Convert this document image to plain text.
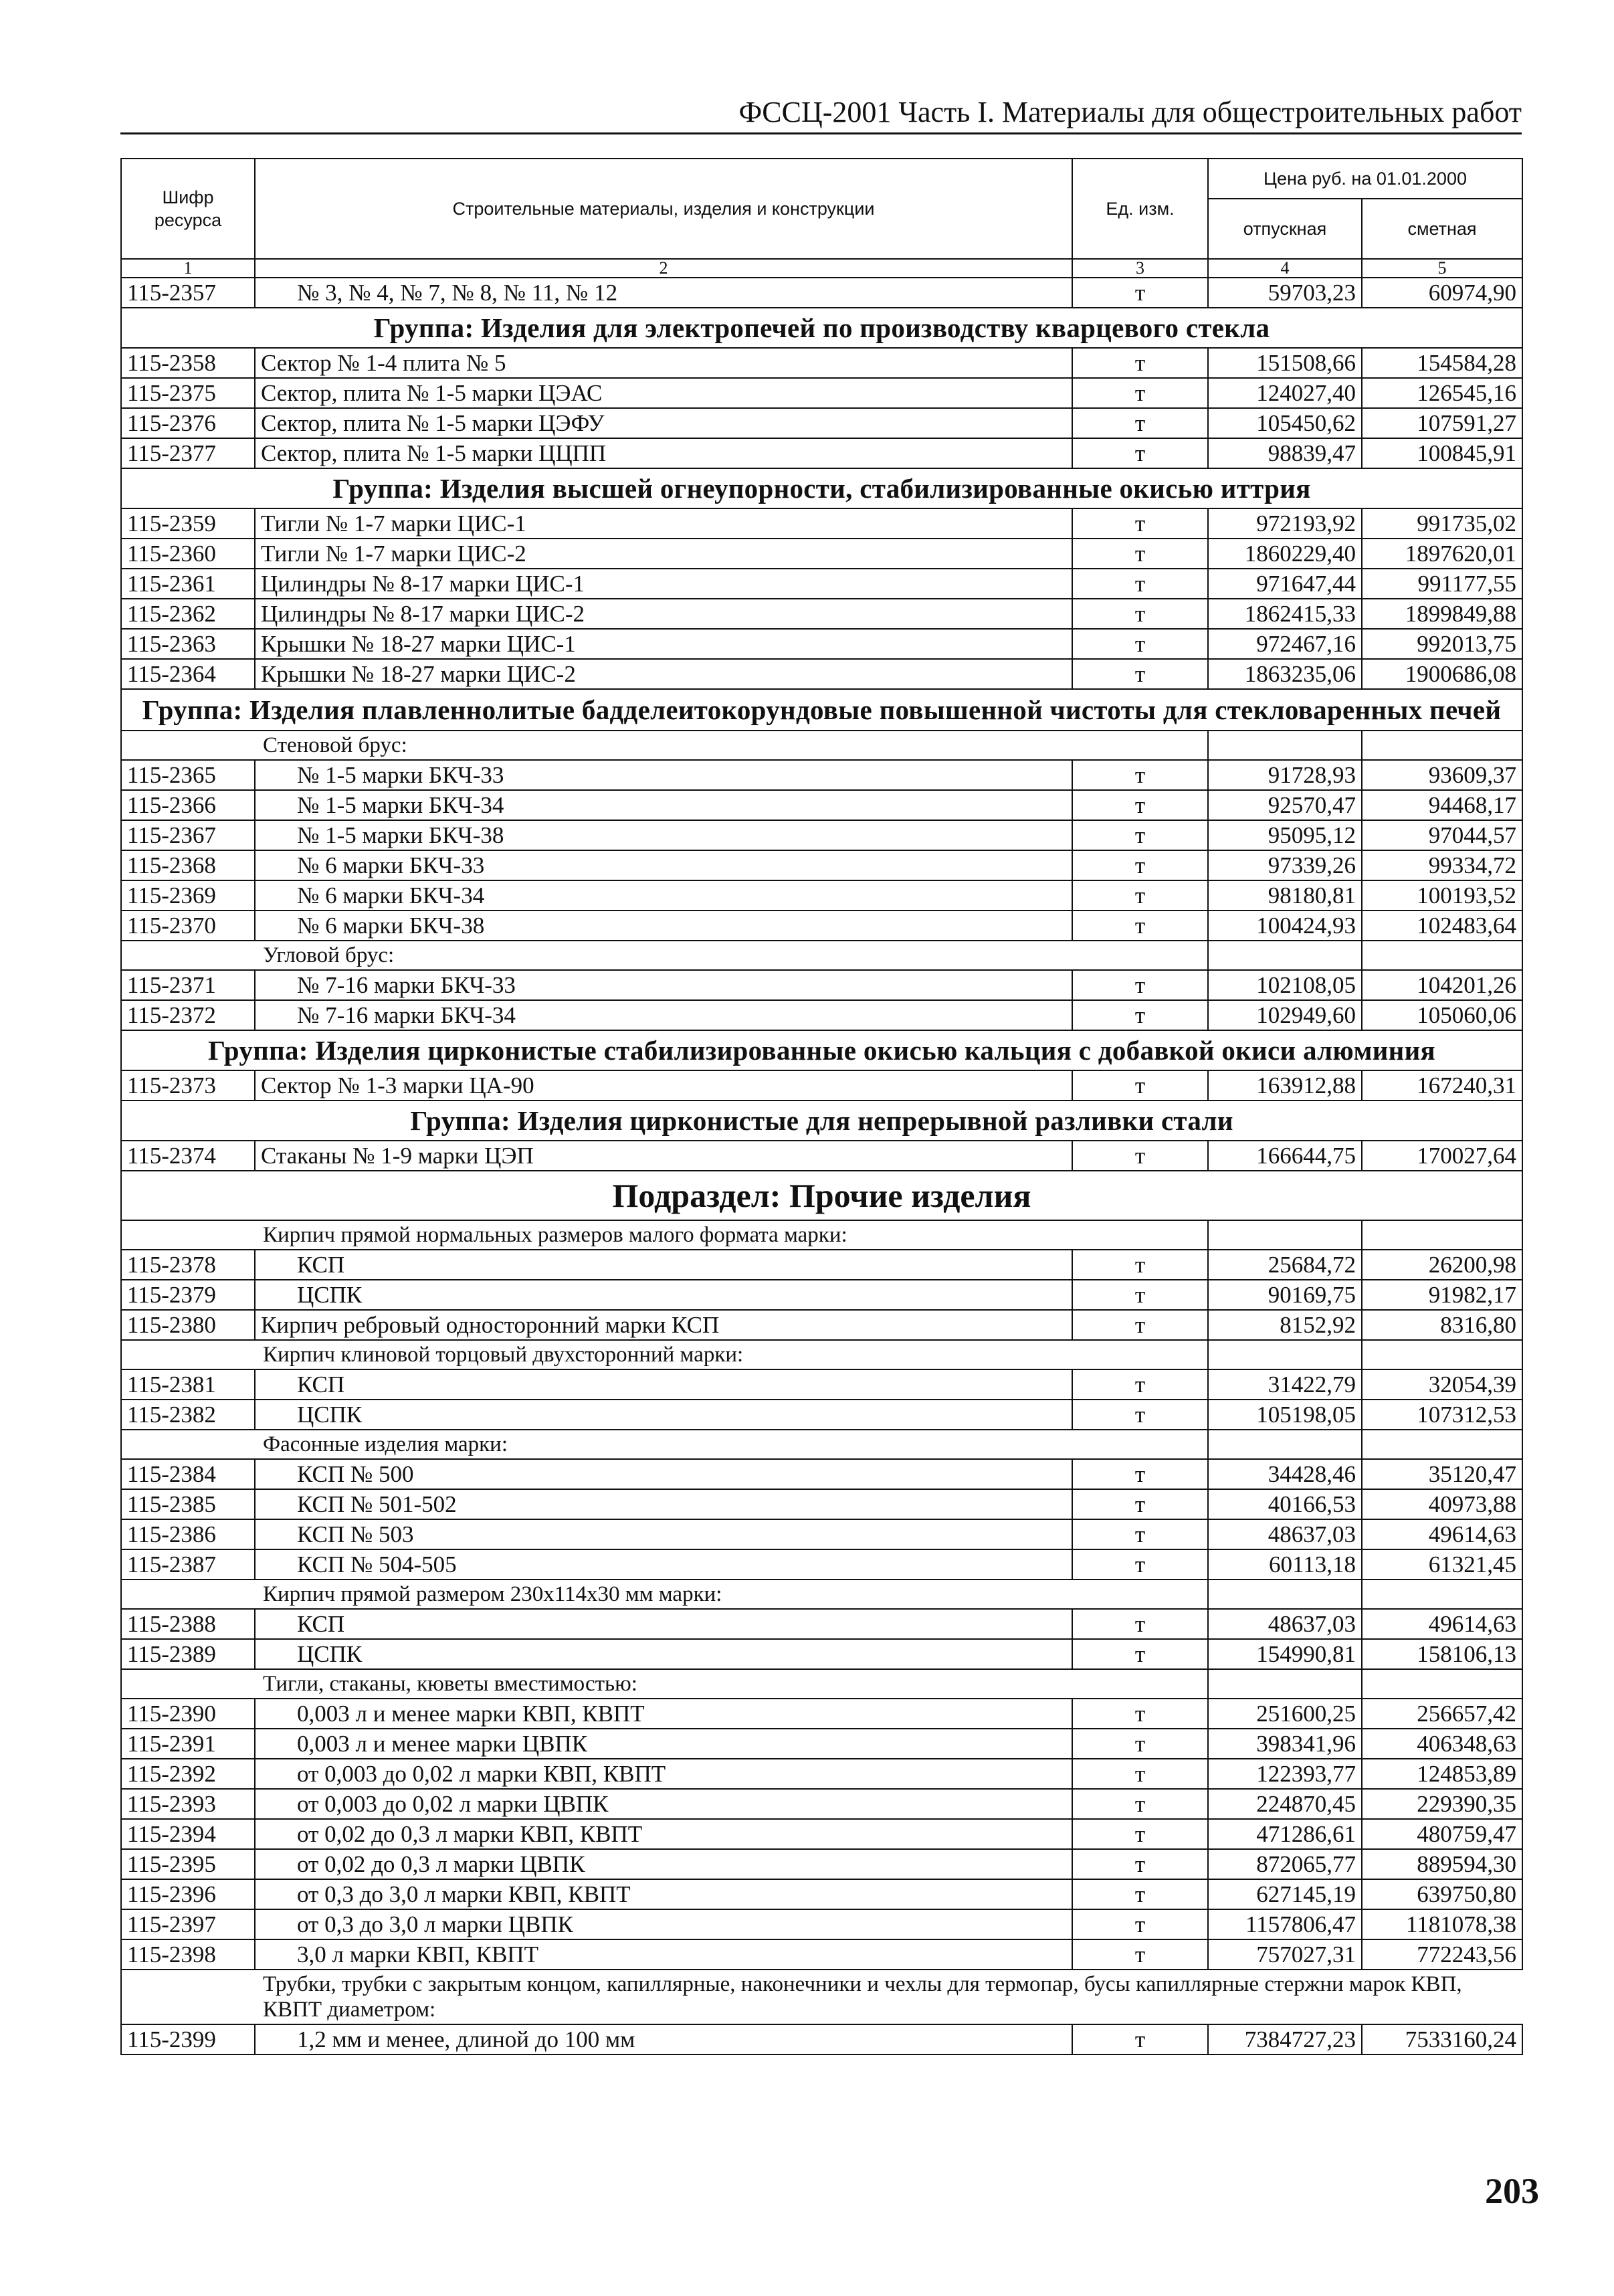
ФССЦ-2001 Часть I. Материалы для общестроительных работ
Шифр ресурса	Строительные материалы, изделия и конструкции	Ед. изм.	Цена руб. на 01.01.2000	
			отпускная	сметная
1	2	3	4	5
115-2357	№ 3, № 4, № 7, № 8, № 11, № 12	т	59703,23	60974,90
Группа: Изделия для электропечей по производству кварцевого стекла				
115-2358	Сектор № 1-4 плита № 5	т	151508,66	154584,28
115-2375	Сектор, плита № 1-5 марки ЦЭАС	т	124027,40	126545,16
115-2376	Сектор, плита № 1-5 марки ЦЭФУ	т	105450,62	107591,27
115-2377	Сектор, плита № 1-5 марки ЦЦПП	т	98839,47	100845,91
Группа: Изделия высшей огнеупорности, стабилизированные окисью иттрия				
115-2359	Тигли № 1-7 марки ЦИС-1	т	972193,92	991735,02
115-2360	Тигли № 1-7 марки ЦИС-2	т	1860229,40	1897620,01
115-2361	Цилиндры № 8-17 марки ЦИС-1	т	971647,44	991177,55
115-2362	Цилиндры № 8-17 марки ЦИС-2	т	1862415,33	1899849,88
115-2363	Крышки № 18-27 марки ЦИС-1	т	972467,16	992013,75
115-2364	Крышки № 18-27 марки ЦИС-2	т	1863235,06	1900686,08
Группа: Изделия плавленнолитые бадделеитокорундовые повышенной чистоты для стекловаренных печей				
	Стеновой брус:			
115-2365	№ 1-5 марки БКЧ-33	т	91728,93	93609,37
115-2366	№ 1-5 марки БКЧ-34	т	92570,47	94468,17
115-2367	№ 1-5 марки БКЧ-38	т	95095,12	97044,57
115-2368	№ 6 марки БКЧ-33	т	97339,26	99334,72
115-2369	№ 6 марки БКЧ-34	т	98180,81	100193,52
115-2370	№ 6 марки БКЧ-38	т	100424,93	102483,64
	Угловой брус:			
115-2371	№ 7-16 марки БКЧ-33	т	102108,05	104201,26
115-2372	№ 7-16 марки БКЧ-34	т	102949,60	105060,06
Группа: Изделия цирконистые стабилизированные окисью кальция с добавкой окиси алюминия				
115-2373	Сектор № 1-3 марки ЦА-90	т	163912,88	167240,31
Группа: Изделия цирконистые для непрерывной разливки стали				
115-2374	Стаканы № 1-9 марки ЦЭП	т	166644,75	170027,64
Подраздел: Прочие изделия				
	Кирпич прямой нормальных размеров малого формата марки:			
115-2378	КСП	т	25684,72	26200,98
115-2379	ЦСПК	т	90169,75	91982,17
115-2380	Кирпич ребровый односторонний марки КСП	т	8152,92	8316,80
	Кирпич клиновой торцовый двухсторонний марки:			
115-2381	КСП	т	31422,79	32054,39
115-2382	ЦСПК	т	105198,05	107312,53
	Фасонные изделия марки:			
115-2384	КСП № 500	т	34428,46	35120,47
115-2385	КСП № 501-502	т	40166,53	40973,88
115-2386	КСП № 503	т	48637,03	49614,63
115-2387	КСП № 504-505	т	60113,18	61321,45
	Кирпич прямой размером 230x114x30 мм марки:			
115-2388	КСП	т	48637,03	49614,63
115-2389	ЦСПК	т	154990,81	158106,13
	Тигли, стаканы, кюветы вместимостью:			
115-2390	0,003 л и менее марки КВП, КВПТ	т	251600,25	256657,42
115-2391	0,003 л и менее марки ЦВПК	т	398341,96	406348,63
115-2392	от 0,003 до 0,02 л марки КВП, КВПТ	т	122393,77	124853,89
115-2393	от 0,003 до 0,02 л марки ЦВПК	т	224870,45	229390,35
115-2394	от 0,02 до 0,3 л марки КВП, КВПТ	т	471286,61	480759,47
115-2395	от 0,02 до 0,3 л марки ЦВПК	т	872065,77	889594,30
115-2396	от 0,3 до 3,0 л марки КВП, КВПТ	т	627145,19	639750,80
115-2397	от 0,3 до 3,0 л марки ЦВПК	т	1157806,47	1181078,38
115-2398	3,0 л марки КВП, КВПТ	т	757027,31	772243,56
	Трубки, трубки с закрытым концом, капиллярные, наконечники и чехлы для термопар, бусы капиллярные стержни марок КВП, КВПТ диаметром:			
115-2399	1,2 мм и менее, длиной до 100 мм	т	7384727,23	7533160,24
203
